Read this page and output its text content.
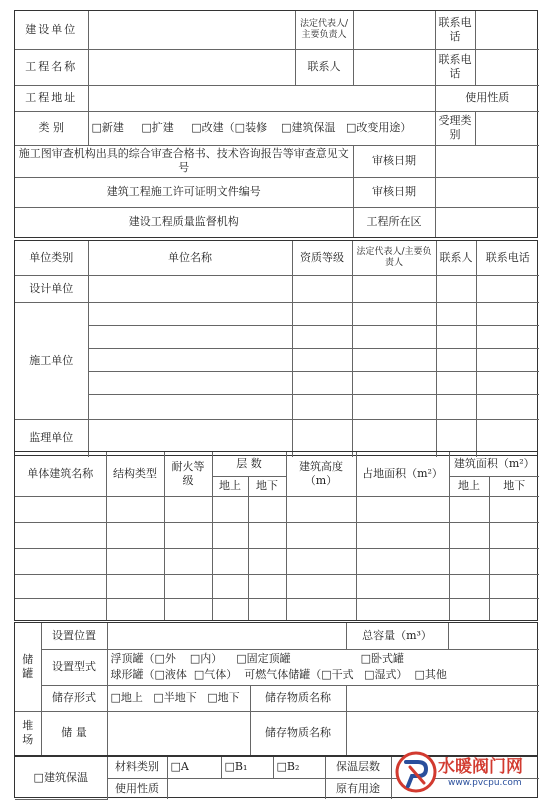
建设单位		法定代表人/主要负责人		联系电话	
工程名称		联系人		联系电话	
工程地址				使用性质	
类 别	□新建 □扩建 □改建（□装修 □建筑保温 □改变用途）			受理类别	
施工图审查机构出具的综合审查合格书、技术咨询报告等审查意见文号			审核日期		
建筑工程施工许可证明文件编号			审核日期		
建设工程质量监督机构			工程所在区		
单位类别	单位名称	资质等级	法定代表人/主要负责人	联系人	联系电话
设计单位					
施工单位					

监理单位					
单体建筑名称	结构类型	耐火等级	层 数		建筑高度（m）	占地面积（m²）	建筑面积（m²）	
			地上	地下			地上	地下

储罐	设置位置			总容量（m³）	
	设置型式	浮顶罐（□外    □内）    □固定顶罐                    □卧式罐
球形罐（□液体  □气体）  可燃气体储罐（□干式   □湿式）  □其他			
	储存形式	□地上   □半地下   □地下	储存物质名称		
堆场	储 量		储存物质名称		
□建筑保温	材料类别	□A	□B₁	□B₂	保温层数	
	使用性质				原有用途	
水暖阀门网
www.pvcpu.com
